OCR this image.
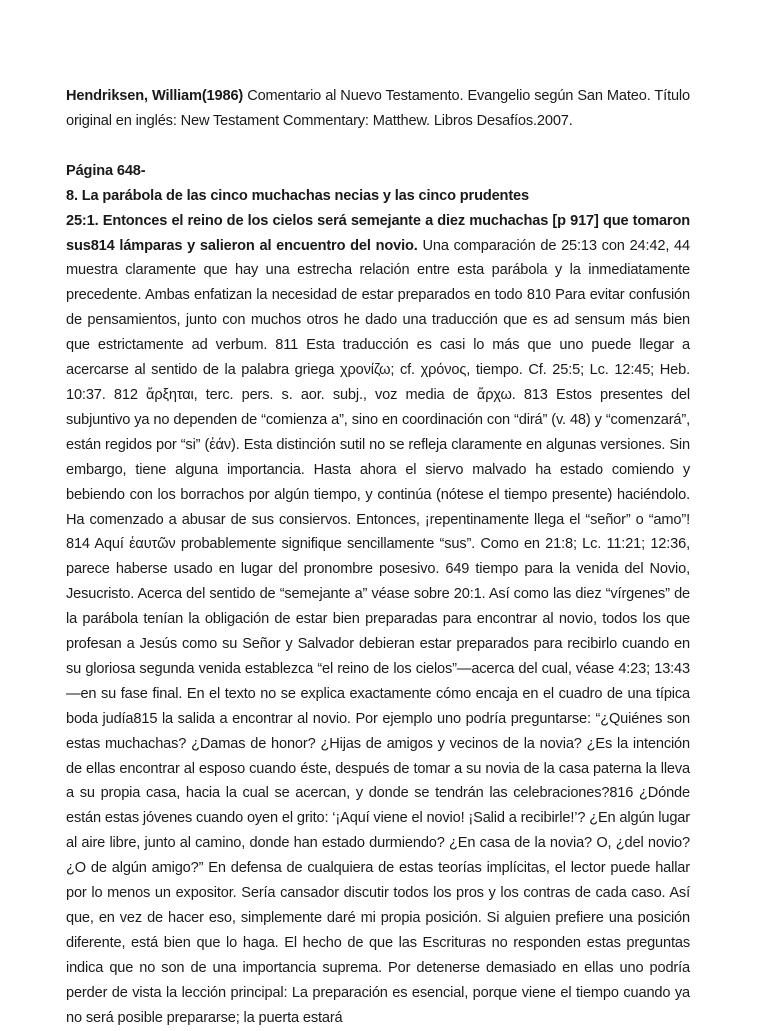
Hendriksen, William(1986) Comentario al Nuevo Testamento. Evangelio según San Mateo. Título original en inglés: New Testament Commentary: Matthew. Libros Desafíos.2007.

Página 648-

8. La parábola de las cinco muchachas necias y las cinco prudentes

25:1. Entonces el reino de los cielos será semejante a diez muchachas [p 917] que tomaron sus814 lámparas y salieron al encuentro del novio. Una comparación de 25:13 con 24:42, 44 muestra claramente que hay una estrecha relación entre esta parábola y la inmediatamente precedente. Ambas enfatizan la necesidad de estar preparados en todo 810 Para evitar confusión de pensamientos, junto con muchos otros he dado una traducción que es ad sensum más bien que estrictamente ad verbum. 811 Esta traducción es casi lo más que uno puede llegar a acercarse al sentido de la palabra griega χρονίζω; cf. χρόνος, tiempo. Cf. 25:5; Lc. 12:45; Heb. 10:37. 812 ἄρξηται, terc. pers. s. aor. subj., voz media de ἄρχω. 813 Estos presentes del subjuntivo ya no dependen de “comienza a”, sino en coordinación con “dirá” (v. 48) y “comenzará”, están regidos por “si” (ἐάν). Esta distinción sutil no se refleja claramente en algunas versiones. Sin embargo, tiene alguna importancia. Hasta ahora el siervo malvado ha estado comiendo y bebiendo con los borrachos por algún tiempo, y continúa (nótese el tiempo presente) haciéndolo. Ha comenzado a abusar de sus consiervos. Entonces, ¡repentinamente llega el “señor” o “amo”! 814 Aquí ἑαυτῶν probablemente signifique sencillamente “sus”. Como en 21:8; Lc. 11:21; 12:36, parece haberse usado en lugar del pronombre posesivo. 649 tiempo para la venida del Novio, Jesucristo. Acerca del sentido de “semejante a” véase sobre 20:1. Así como las diez “vírgenes” de la parábola tenían la obligación de estar bien preparadas para encontrar al novio, todos los que profesan a Jesús como su Señor y Salvador debieran estar preparados para recibirlo cuando en su gloriosa segunda venida establezca “el reino de los cielos”—acerca del cual, véase 4:23; 13:43—en su fase final. En el texto no se explica exactamente cómo encaja en el cuadro de una típica boda judía815 la salida a encontrar al novio. Por ejemplo uno podría preguntarse: “¿Quiénes son estas muchachas? ¿Damas de honor? ¿Hijas de amigos y vecinos de la novia? ¿Es la intención de ellas encontrar al esposo cuando éste, después de tomar a su novia de la casa paterna la lleva a su propia casa, hacia la cual se acercan, y donde se tendrán las celebraciones?816 ¿Dónde están estas jóvenes cuando oyen el grito: ‘¡Aquí viene el novio! ¡Salid a recibirle!’? ¿En algún lugar al aire libre, junto al camino, donde han estado durmiendo? ¿En casa de la novia? O, ¿del novio? ¿O de algún amigo?” En defensa de cualquiera de estas teorías implícitas, el lector puede hallar por lo menos un expositor. Sería cansador discutir todos los pros y los contras de cada caso. Así que, en vez de hacer eso, simplemente daré mi propia posición. Si alguien prefiere una posición diferente, está bien que lo haga. El hecho de que las Escrituras no responden estas preguntas indica que no son de una importancia suprema. Por detenerse demasiado en ellas uno podría perder de vista la lección principal: La preparación es esencial, porque viene el tiempo cuando ya no será posible prepararse; la puerta estará
